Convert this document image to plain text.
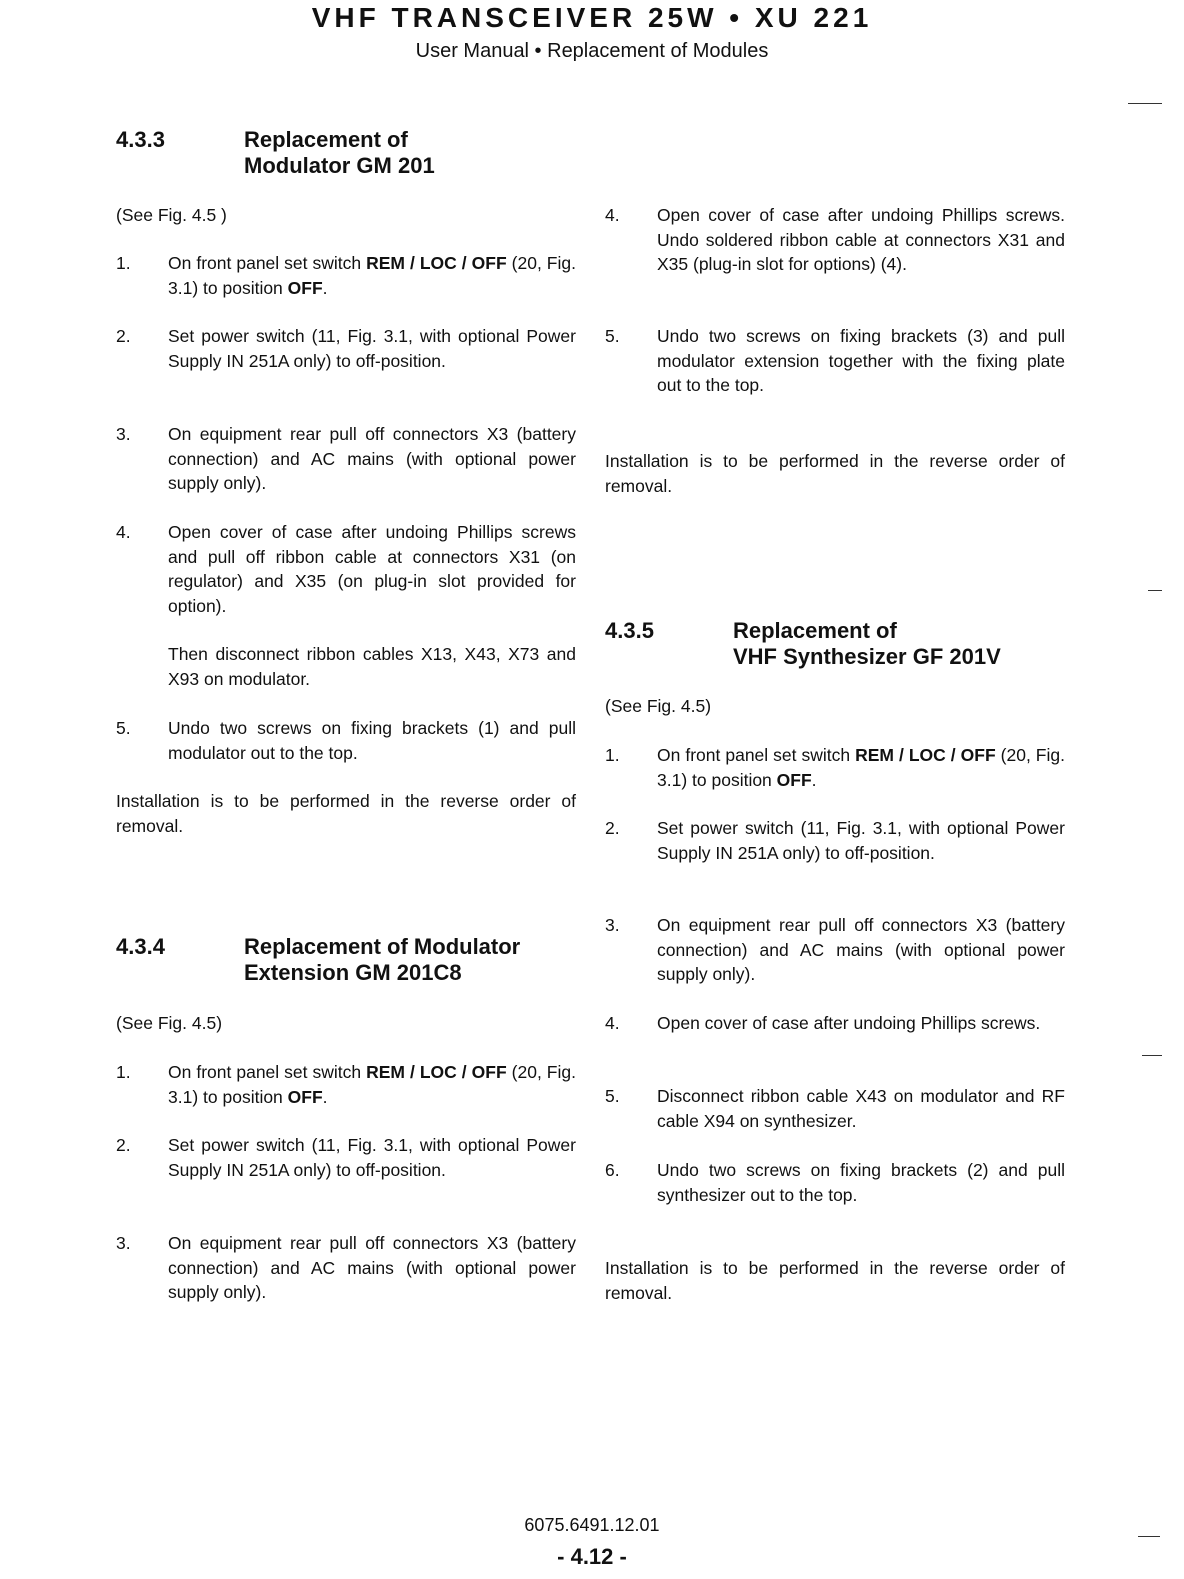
VHF TRANSCEIVER 25W • XU 221
User Manual • Replacement of Modules
4.3.3	Replacement of
Modulator GM 201
(See Fig. 4.5 )
1.	On front panel set switch REM / LOC / OFF (20, Fig. 3.1) to position OFF.
2.	Set power switch (11, Fig. 3.1, with optional Power Supply IN 251A only) to off-position.
3.	On equipment rear pull off connectors X3 (battery connection) and AC mains (with optional power supply only).
4.	Open cover of case after undoing Phillips screws and pull off ribbon cable at connectors X31 (on regulator) and X35 (on plug-in slot provided for option).
Then disconnect ribbon cables X13, X43, X73 and X93 on modulator.
5.	Undo two screws on fixing brackets (1) and pull modulator out to the top.
Installation is to be performed in the reverse order of removal.
4.3.4	Replacement of Modulator
Extension GM 201C8
(See Fig. 4.5)
1.	On front panel set switch REM / LOC / OFF (20, Fig. 3.1) to position OFF.
2.	Set power switch (11, Fig. 3.1, with optional Power Supply IN 251A only) to off-position.
3.	On equipment rear pull off connectors X3 (battery connection) and AC mains (with optional power supply only).
4.	Open cover of case after undoing Phillips screws. Undo soldered ribbon cable at connectors X31 and X35 (plug-in slot for options) (4).
5.	Undo two screws on fixing brackets (3) and pull modulator extension together with the fixing plate out to the top.
Installation is to be performed in the reverse order of removal.
4.3.5	Replacement of
VHF Synthesizer GF 201V
(See Fig. 4.5)
1.	On front panel set switch REM / LOC / OFF (20, Fig. 3.1) to position OFF.
2.	Set power switch (11, Fig. 3.1, with optional Power Supply IN 251A only) to off-position.
3.	On equipment rear pull off connectors X3 (battery connection) and AC mains (with optional power supply only).
4.	Open cover of case after undoing Phillips screws.
5.	Disconnect ribbon cable X43 on modulator and RF cable X94 on synthesizer.
6.	Undo two screws on fixing brackets (2) and pull synthesizer out to the top.
Installation is to be performed in the reverse order of removal.
6075.6491.12.01
- 4.12 -
